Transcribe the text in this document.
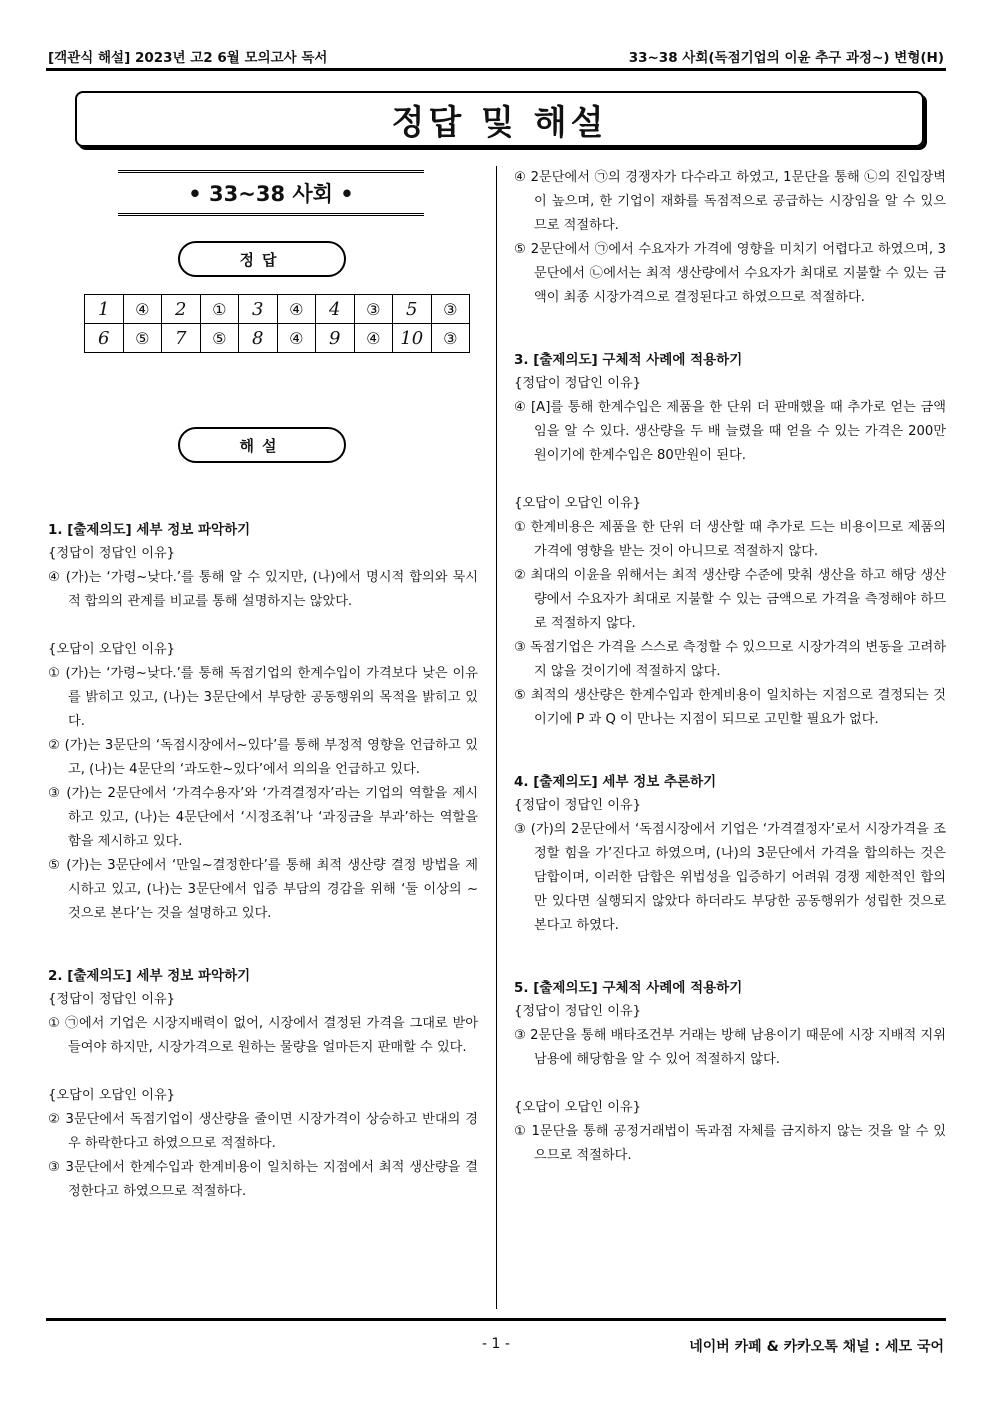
[객관식 해설] 2023년 고2 6월 모의고사 독서	33~38 사회(독점기업의 이윤 추구 과정~) 변형(H)
정답 및 해설
• 33~38 사회 •
정답
1	④	2	①	3	④	4	③	5	③
6	⑤	7	⑤	8	④	9	④	10	③
해설
1. [출제의도] 세부 정보 파악하기
{정답이 정답인 이유}
④ (가)는 ‘가령~낮다.’를 통해 알 수 있지만, (나)에서 명시적 합의와 묵시적 합의의 관계를 비교를 통해 설명하지는 않았다.
{오답이 오답인 이유}
① (가)는 ‘가령~낮다.’를 통해 독점기업의 한계수입이 가격보다 낮은 이유를 밝히고 있고, (나)는 3문단에서 부당한 공동행위의 목적을 밝히고 있다.
② (가)는 3문단의 ‘독점시장에서~있다’를 통해 부정적 영향을 언급하고 있고, (나)는 4문단의 ‘과도한~있다’에서 의의을 언급하고 있다.
③ (가)는 2문단에서 ‘가격수용자’와 ‘가격결정자’라는 기업의 역할을 제시하고 있고, (나)는 4문단에서 ‘시정조취’나 ‘과징금을 부과’하는 역할을 함을 제시하고 있다.
⑤ (가)는 3문단에서 ‘만일~결정한다’를 통해 최적 생산량 결정 방법을 제시하고 있고, (나)는 3문단에서 입증 부담의 경감을 위해 ‘둘 이상의 ~ 것으로 본다’는 것을 설명하고 있다.
2. [출제의도] 세부 정보 파악하기
{정답이 정답인 이유}
① ㉠에서 기업은 시장지배력이 없어, 시장에서 결정된 가격을 그대로 받아들여야 하지만, 시장가격으로 원하는 물량을 얼마든지 판매할 수 있다.
{오답이 오답인 이유}
② 3문단에서 독점기업이 생산량을 줄이면 시장가격이 상승하고 반대의 경우 하락한다고 하였으므로 적절하다.
③ 3문단에서 한계수입과 한계비용이 일치하는 지점에서 최적 생산량을 결정한다고 하였으므로 적절하다.
④ 2문단에서 ㉠의 경쟁자가 다수라고 하였고, 1문단을 통해 ㉡의 진입장벽이 높으며, 한 기업이 재화를 독점적으로 공급하는 시장임을 알 수 있으므로 적절하다.
⑤ 2문단에서 ㉠에서 수요자가 가격에 영향을 미치기 어렵다고 하였으며, 3문단에서 ㉡에서는 최적 생산량에서 수요자가 최대로 지불할 수 있는 금액이 최종 시장가격으로 결정된다고 하였으므로 적절하다.
3. [출제의도] 구체적 사례에 적용하기
{정답이 정답인 이유}
④ [A]를 통해 한계수입은 제품을 한 단위 더 판매했을 때 추가로 얻는 금액임을 알 수 있다. 생산량을 두 배 늘렸을 때 얻을 수 있는 가격은 200만원이기에 한계수입은 80만원이 된다.
{오답이 오답인 이유}
① 한계비용은 제품을 한 단위 더 생산할 때 추가로 드는 비용이므로 제품의 가격에 영향을 받는 것이 아니므로 적절하지 않다.
② 최대의 이윤을 위해서는 최적 생산량 수준에 맞춰 생산을 하고 해당 생산량에서 수요자가 최대로 지불할 수 있는 금액으로 가격을 측정해야 하므로 적절하지 않다.
③ 독점기업은 가격을 스스로 측정할 수 있으므로 시장가격의 변동을 고려하지 않을 것이기에 적절하지 않다.
⑤ 최적의 생산량은 한계수입과 한계비용이 일치하는 지점으로 결정되는 것이기에 P 과 Q 이 만나는 지점이 되므로 고민할 필요가 없다.
4. [출제의도] 세부 정보 추론하기
{정답이 정답인 이유}
③ (가)의 2문단에서 ‘독점시장에서 기업은 ‘가격결정자’로서 시장가격을 조정할 힘을 가’진다고 하였으며, (나)의 3문단에서 가격을 합의하는 것은 담합이며, 이러한 담합은 위법성을 입증하기 어려워 경쟁 제한적인 합의만 있다면 실행되지 않았다 하더라도 부당한 공동행위가 성립한 것으로 본다고 하였다.
5. [출제의도] 구체적 사례에 적용하기
{정답이 정답인 이유}
③ 2문단을 통해 배타조건부 거래는 방해 남용이기 때문에 시장 지배적 지위 남용에 해당함을 알 수 있어 적절하지 않다.
{오답이 오답인 이유}
① 1문단을 통해 공정거래법이 독과점 자체를 금지하지 않는 것을 알 수 있으므로 적절하다.
- 1 -	네이버 카페 & 카카오톡 채널 : 세모 국어
